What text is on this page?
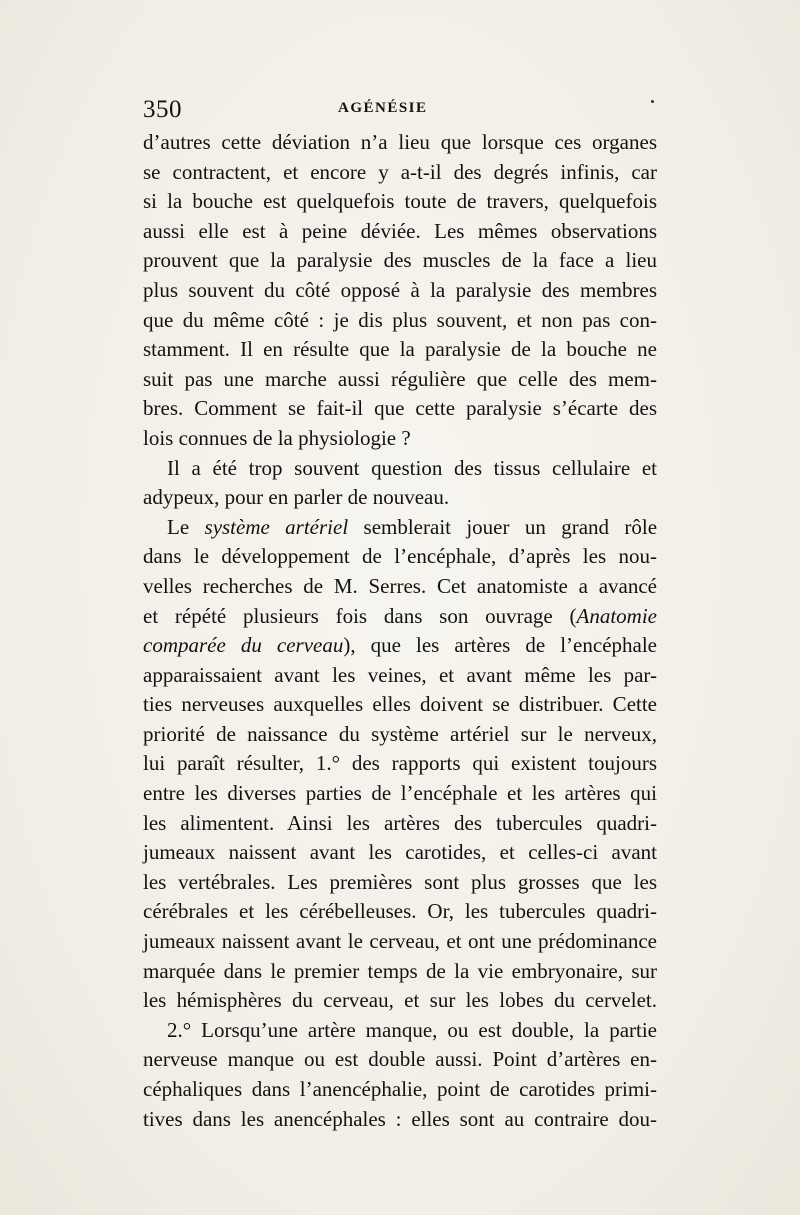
350	AGÉNÉSIE
d’autres cette déviation n’a lieu que lorsque ces organes
se contractent, et encore y a-t-il des degrés infinis, car
si la bouche est quelquefois toute de travers, quelquefois
aussi elle est à peine déviée. Les mêmes observations
prouvent que la paralysie des muscles de la face a lieu
plus souvent du côté opposé à la paralysie des membres
que du même côté : je dis plus souvent, et non pas con-
stamment. Il en résulte que la paralysie de la bouche ne
suit pas une marche aussi régulière que celle des mem-
bres. Comment se fait-il que cette paralysie s’écarte des
lois connues de la physiologie ?
Il a été trop souvent question des tissus cellulaire et
adypeux, pour en parler de nouveau.
Le système artériel semblerait jouer un grand rôle
dans le développement de l’encéphale, d’après les nou-
velles recherches de M. Serres. Cet anatomiste a avancé
et répété plusieurs fois dans son ouvrage (Anatomie
comparée du cerveau), que les artères de l’encéphale
apparaissaient avant les veines, et avant même les par-
ties nerveuses auxquelles elles doivent se distribuer. Cette
priorité de naissance du système artériel sur le nerveux,
lui paraît résulter, 1.° des rapports qui existent toujours
entre les diverses parties de l’encéphale et les artères qui
les alimentent. Ainsi les artères des tubercules quadri-
jumeaux naissent avant les carotides, et celles-ci avant
les vertébrales. Les premières sont plus grosses que les
cérébrales et les cérébelleuses. Or, les tubercules quadri-
jumeaux naissent avant le cerveau, et ont une prédominance
marquée dans le premier temps de la vie embryonaire, sur
les hémisphères du cerveau, et sur les lobes du cervelet.
2.° Lorsqu’une artère manque, ou est double, la partie
nerveuse manque ou est double aussi. Point d’artères en-
céphaliques dans l’anencéphalie, point de carotides primi-
tives dans les anencéphales : elles sont au contraire dou-
